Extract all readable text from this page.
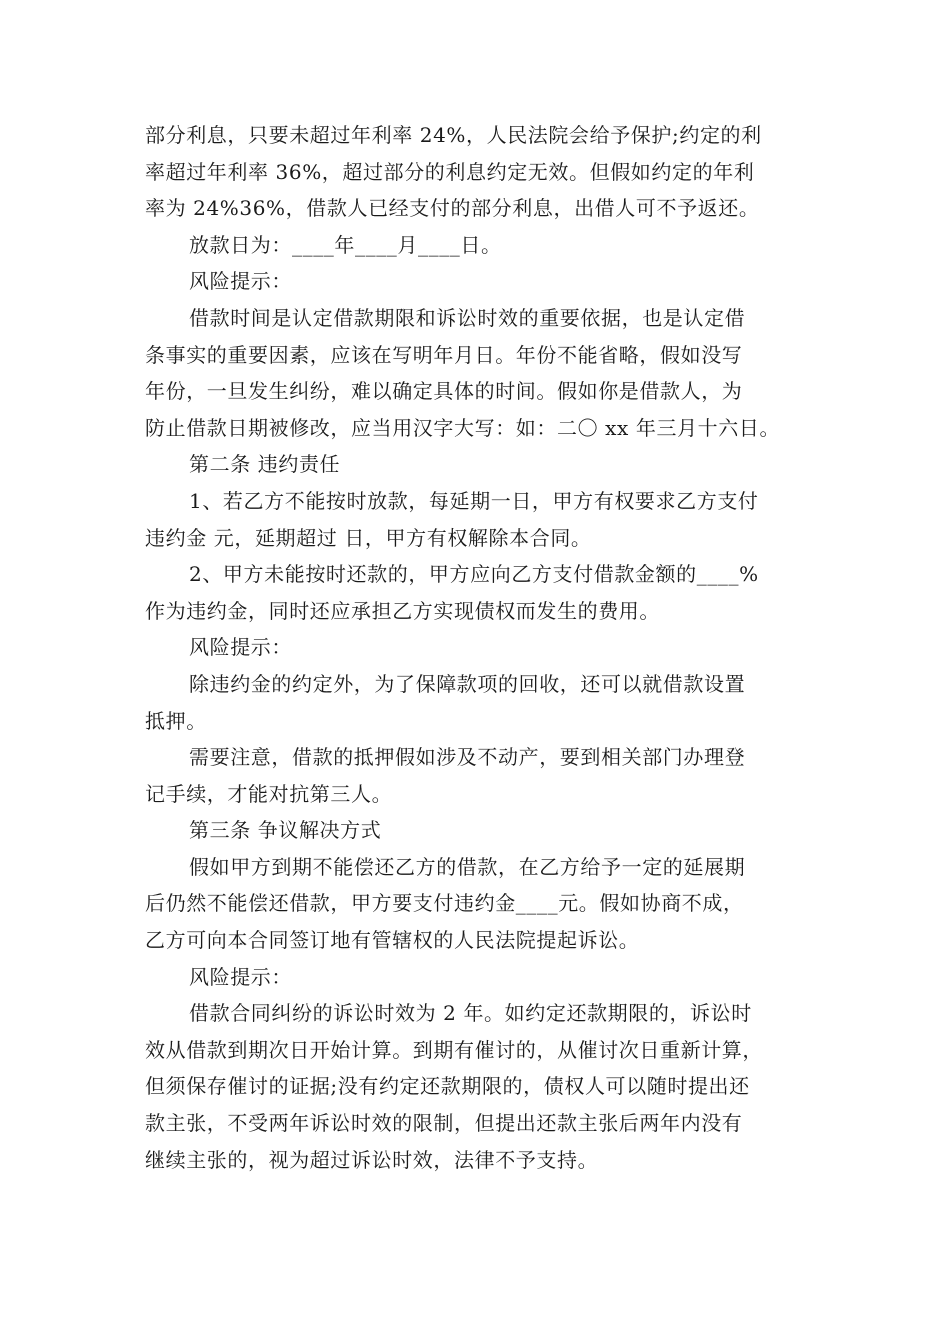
部分利息，只要未超过年利率 24%，人民法院会给予保护;约定的利
率超过年利率 36%，超过部分的利息约定无效。但假如约定的年利
率为 24%36%，借款人已经支付的部分利息，出借人可不予返还。
放款日为：____年____月____日。
风险提示：
借款时间是认定借款期限和诉讼时效的重要依据，也是认定借
条事实的重要因素，应该在写明年月日。年份不能省略，假如没写
年份，一旦发生纠纷，难以确定具体的时间。假如你是借款人，为
防止借款日期被修改，应当用汉字大写：如：二〇 xx 年三月十六日。
第二条 违约责任
1、若乙方不能按时放款，每延期一日，甲方有权要求乙方支付
违约金 元，延期超过 日，甲方有权解除本合同。
2、甲方未能按时还款的，甲方应向乙方支付借款金额的____%
作为违约金，同时还应承担乙方实现债权而发生的费用。
风险提示：
除违约金的约定外，为了保障款项的回收，还可以就借款设置
抵押。
需要注意，借款的抵押假如涉及不动产，要到相关部门办理登
记手续，才能对抗第三人。
第三条 争议解决方式
假如甲方到期不能偿还乙方的借款，在乙方给予一定的延展期
后仍然不能偿还借款，甲方要支付违约金____元。假如协商不成，
乙方可向本合同签订地有管辖权的人民法院提起诉讼。
风险提示：
借款合同纠纷的诉讼时效为 2 年。如约定还款期限的，诉讼时
效从借款到期次日开始计算。到期有催讨的，从催讨次日重新计算，
但须保存催讨的证据;没有约定还款期限的，债权人可以随时提出还
款主张，不受两年诉讼时效的限制，但提出还款主张后两年内没有
继续主张的，视为超过诉讼时效，法律不予支持。
